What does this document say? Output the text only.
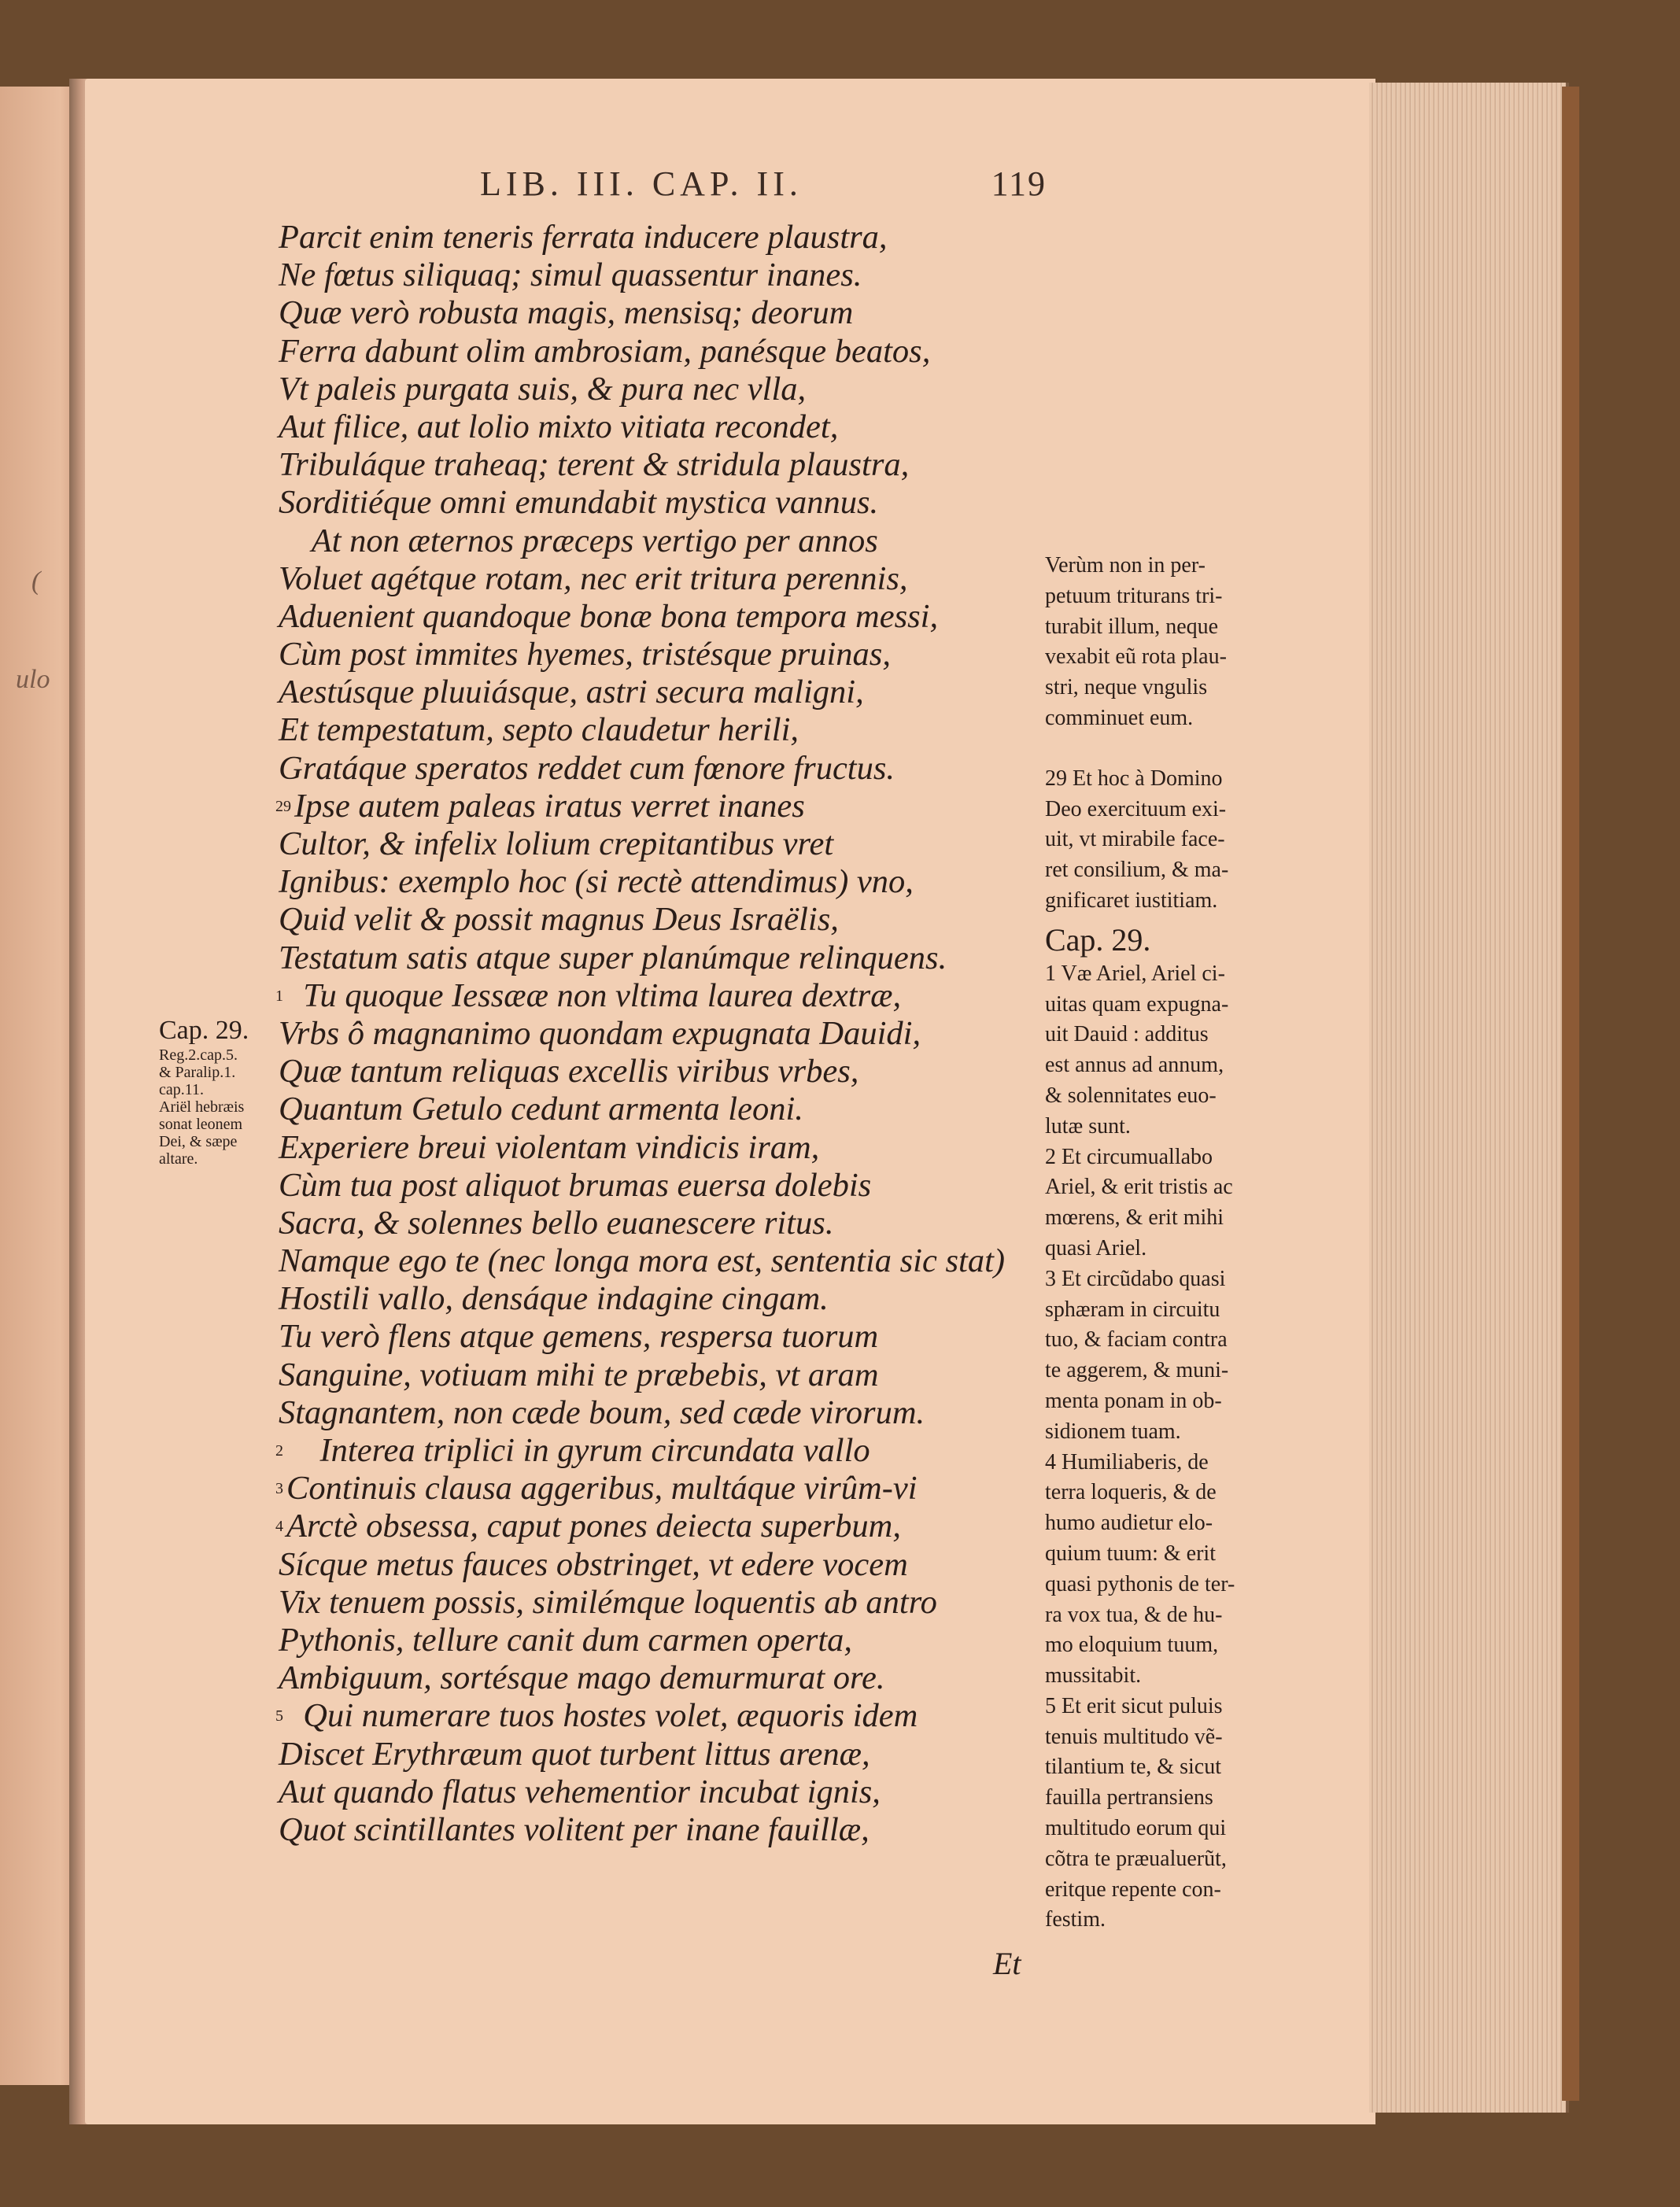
ulo
(
LIB. III. CAP. II.	119
Parcit enim teneris ferrata inducere plaustra,
Ne fœtus siliquaq; simul quassentur inanes.
Quæ verò robusta magis, mensisq; deorum
Ferra dabunt olim ambrosiam, panésque beatos,
Vt paleis purgata suis, & pura nec vlla,
Aut filice, aut lolio mixto vitiata recondet,
Tribuláque traheaq; terent & stridula plaustra,
Sorditiéque omni emundabit mystica vannus.
At non æternos præceps vertigo per annos
Voluet agétque rotam, nec erit tritura perennis,
Aduenient quandoque bonæ bona tempora messi,
Cùm post immites hyemes, tristésque pruinas,
Aestúsque pluuiásque, astri secura maligni,
Et tempestatum, septo claudetur herili,
Gratáque speratos reddet cum fœnore fructus.
$^{29}$Ipse autem paleas iratus verret inanes
Cultor, & infelix lolium crepitantibus vret
Ignibus: exemplo hoc (si rectè attendimus) vno,
Quid velit & possit magnus Deus Israëlis,
Testatum satis atque super planúmque relinquens.
$^1$  Tu quoque Iessææ non vltima laurea dextræ,
Vrbs ô magnanimo quondam expugnata Dauidi,
Quæ tantum reliquas excellis viribus vrbes,
Quantum Getulo cedunt armenta leoni.
Experiere breui violentam vindicis iram,
Cùm tua post aliquot brumas euersa dolebis
Sacra, & solennes bello euanescere ritus.
Namque ego te (nec longa mora est, sententia sic stat)
Hostili vallo, densáque indagine cingam.
Tu verò flens atque gemens, respersa tuorum
Sanguine, votiuam mihi te præbebis, vt aram
Stagnantem, non cæde boum, sed cæde virorum.
$^2$    Interea triplici in gyrum circundata vallo
$^3$Continuis clausa aggeribus, multáque virûm-vi
$^4$Arctè obsessa, caput pones deiecta superbum,
Sícque metus fauces obstringet, vt edere vocem
Vix tenuem possis, similémque loquentis ab antro
Pythonis, tellure canit dum carmen operta,
Ambiguum, sortésque mago demurmurat ore.
$^5$  Qui numerare tuos hostes volet, æquoris idem
Discet Erythræum quot turbent littus arenæ,
Aut quando flatus vehementior incubat ignis,
Quot scintillantes volitent per inane fauillæ,
Cap. 29.
Reg.2.cap.5.
& Paralip.1.
cap.11.
Ariël hebræis
sonat leonem
Dei, & sæpe
altare.
Verùm non in per-
petuum triturans tri-
turabit illum, neque
vexabit eũ rota plau-
stri, neque vngulis
comminuet eum.
29 Et hoc à Domino
Deo exercituum exi-
uit, vt mirabile face-
ret consilium, & ma-
gnificaret iustitiam.
Cap. 29.
1 Væ Ariel, Ariel ci-
uitas quam expugna-
uit Dauid : additus
est annus ad annum,
& solennitates euo-
lutæ sunt.
2 Et circumuallabo
Ariel, & erit tristis ac
mœrens, & erit mihi
quasi Ariel.
3 Et circũdabo quasi
sphæram in circuitu
tuo, & faciam contra
te aggerem, & muni-
menta ponam in ob-
sidionem tuam.
4 Humiliaberis, de
terra loqueris, & de
humo audietur elo-
quium tuum: & erit
quasi pythonis de ter-
ra vox tua, & de hu-
mo eloquium tuum,
mussitabit.
5 Et erit sicut puluis
tenuis multitudo vẽ-
tilantium te, & sicut
fauilla pertransiens
multitudo eorum qui
cõtra te præualuerũt,
eritque repente con-
festim.
Et
